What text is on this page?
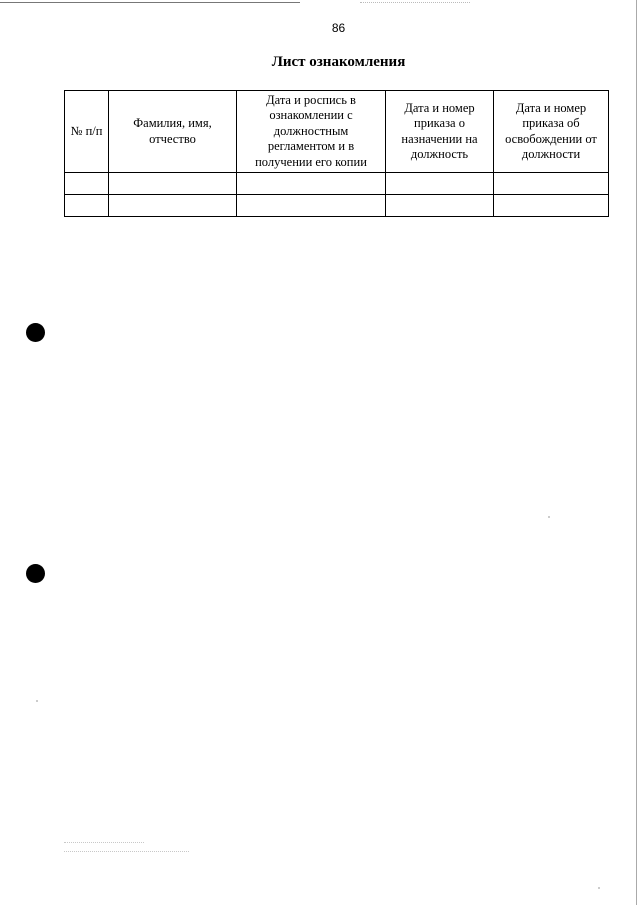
86
Лист ознакомления
№ п/п	Фамилия, имя, отчество	Дата и роспись в ознакомлении с должностным регламентом и в получении его копии	Дата и номер приказа о назначении на должность	Дата и номер приказа об освобождении от должности
